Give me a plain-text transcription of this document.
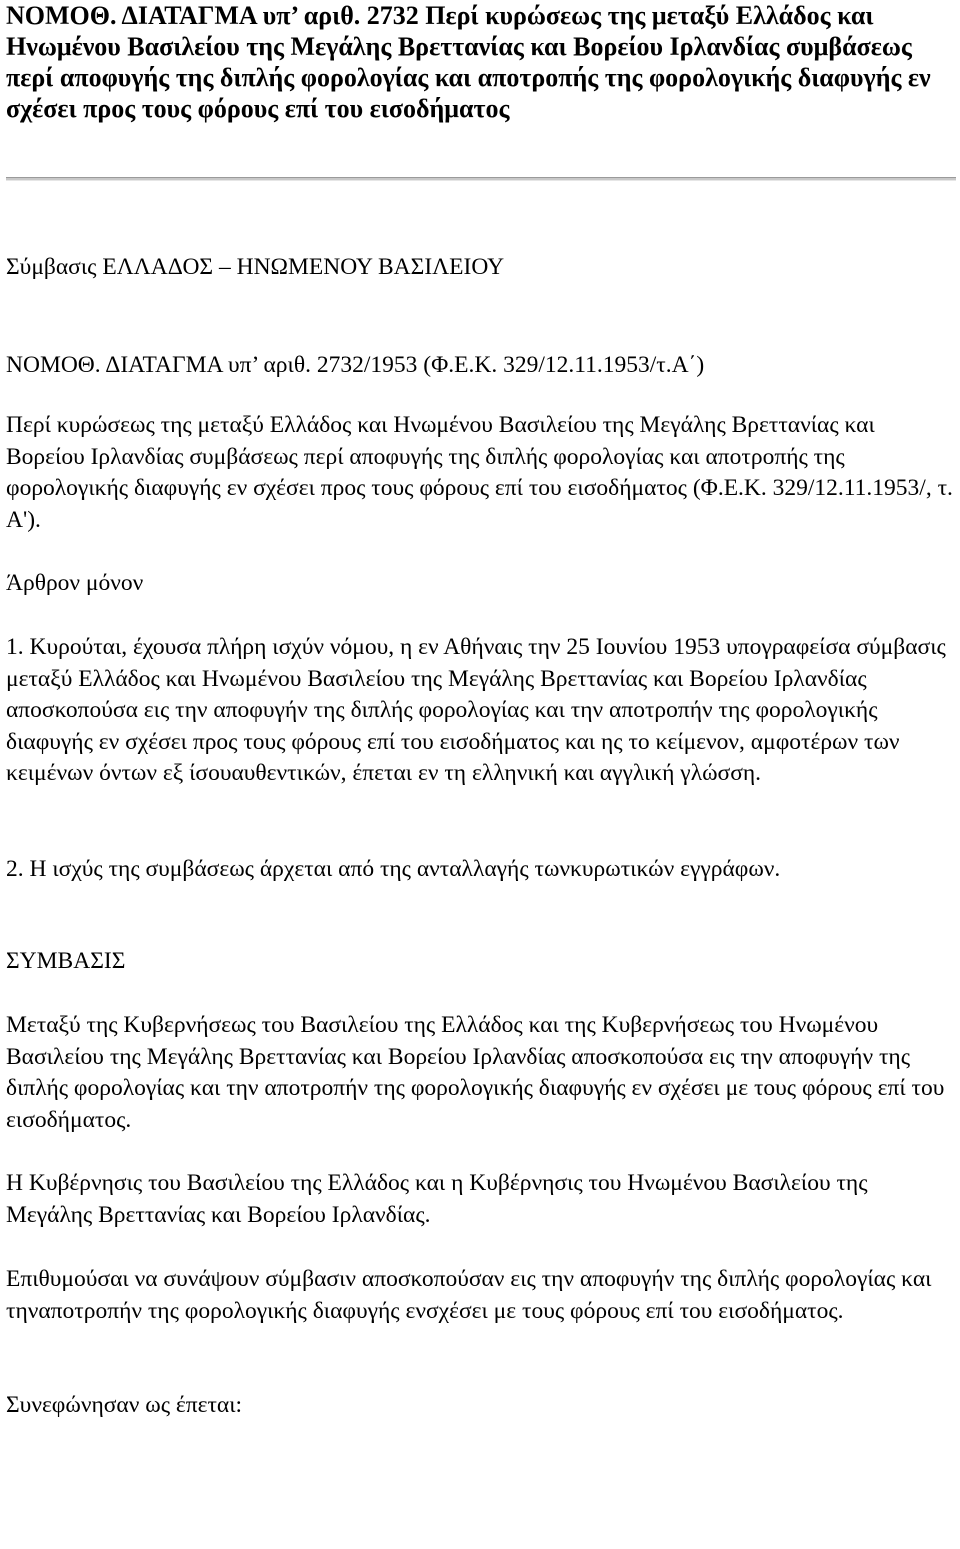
ΝΟΜΟΘ. ΔΙΑΤΑΓΜΑ υπ’ αριθ. 2732 Περί κυρώσεως της μεταξύ Ελλάδος και Ηνωμένου Βασιλείου της Μεγάλης Βρεττανίας και Βορείου Ιρλανδίας συμβάσεως περί αποφυγής της διπλής φορολογίας και αποτροπής της φορολογικής διαφυγής εν σχέσει προς τους φόρους επί του εισοδήματος

Σύμβασις ΕΛΛΑΔΟΣ – ΗΝΩΜΕΝΟΥ ΒΑΣΙΛΕΙΟΥ

ΝΟΜΟΘ. ΔΙΑΤΑΓΜΑ υπ’ αριθ. 2732/1953 (Φ.Ε.Κ. 329/12.11.1953/τ.Α΄)

Περί κυρώσεως της μεταξύ Ελλάδος και Ηνωμένου Βασιλείου της Μεγάλης Βρεττανίας και Βορείου Ιρλανδίας συμβάσεως περί αποφυγής της διπλής φορολογίας και αποτροπής της φορολογικής διαφυγής εν σχέσει προς τους φόρους επί του εισοδήματος (Φ.Ε.Κ. 329/12.11.1953/, τ. Α').

Άρθρον μόνον

1. Κυρούται, έχουσα πλήρη ισχύν νόμου, η εν Αθήναις την 25 Ιουνίου 1953 υπογραφείσα σύμβασις μεταξύ Ελλάδος και Ηνωμένου Βασιλείου της Μεγάλης Βρεττανίας και Βορείου Ιρλανδίας αποσκοπούσα εις την αποφυγήν της διπλής φορολογίας και την αποτροπήν της φορολογικής διαφυγής εν σχέσει προς τους φόρους επί του εισοδήματος και ης το κείμενον, αμφοτέρων των κειμένων όντων εξ ίσουαυθεντικών, έπεται εν τη ελληνική και αγγλική γλώσση.

2. Η ισχύς της συμβάσεως άρχεται από της ανταλλαγής τωνκυρωτικών εγγράφων.

ΣΥΜΒΑΣΙΣ

Μεταξύ της Κυβερνήσεως του Βασιλείου της Ελλάδος και της Κυβερνήσεως του Ηνωμένου Βασιλείου της Μεγάλης Βρεττανίας και Βορείου Ιρλανδίας αποσκοπούσα εις την αποφυγήν της διπλής φορολογίας και την αποτροπήν της φορολογικής διαφυγής εν σχέσει με τους φόρους επί του εισοδήματος.

Η Κυβέρνησις του Βασιλείου της Ελλάδος και η Κυβέρνησις του Ηνωμένου Βασιλείου της Μεγάλης Βρεττανίας και Βορείου Ιρλανδίας.

Επιθυμούσαι να συνάψουν σύμβασιν αποσκοπούσαν εις την αποφυγήν της διπλής φορολογίας και τηναποτροπήν της φορολογικής διαφυγής ενσχέσει με τους φόρους επί του εισοδήματος.

Συνεφώνησαν ως έπεται:
